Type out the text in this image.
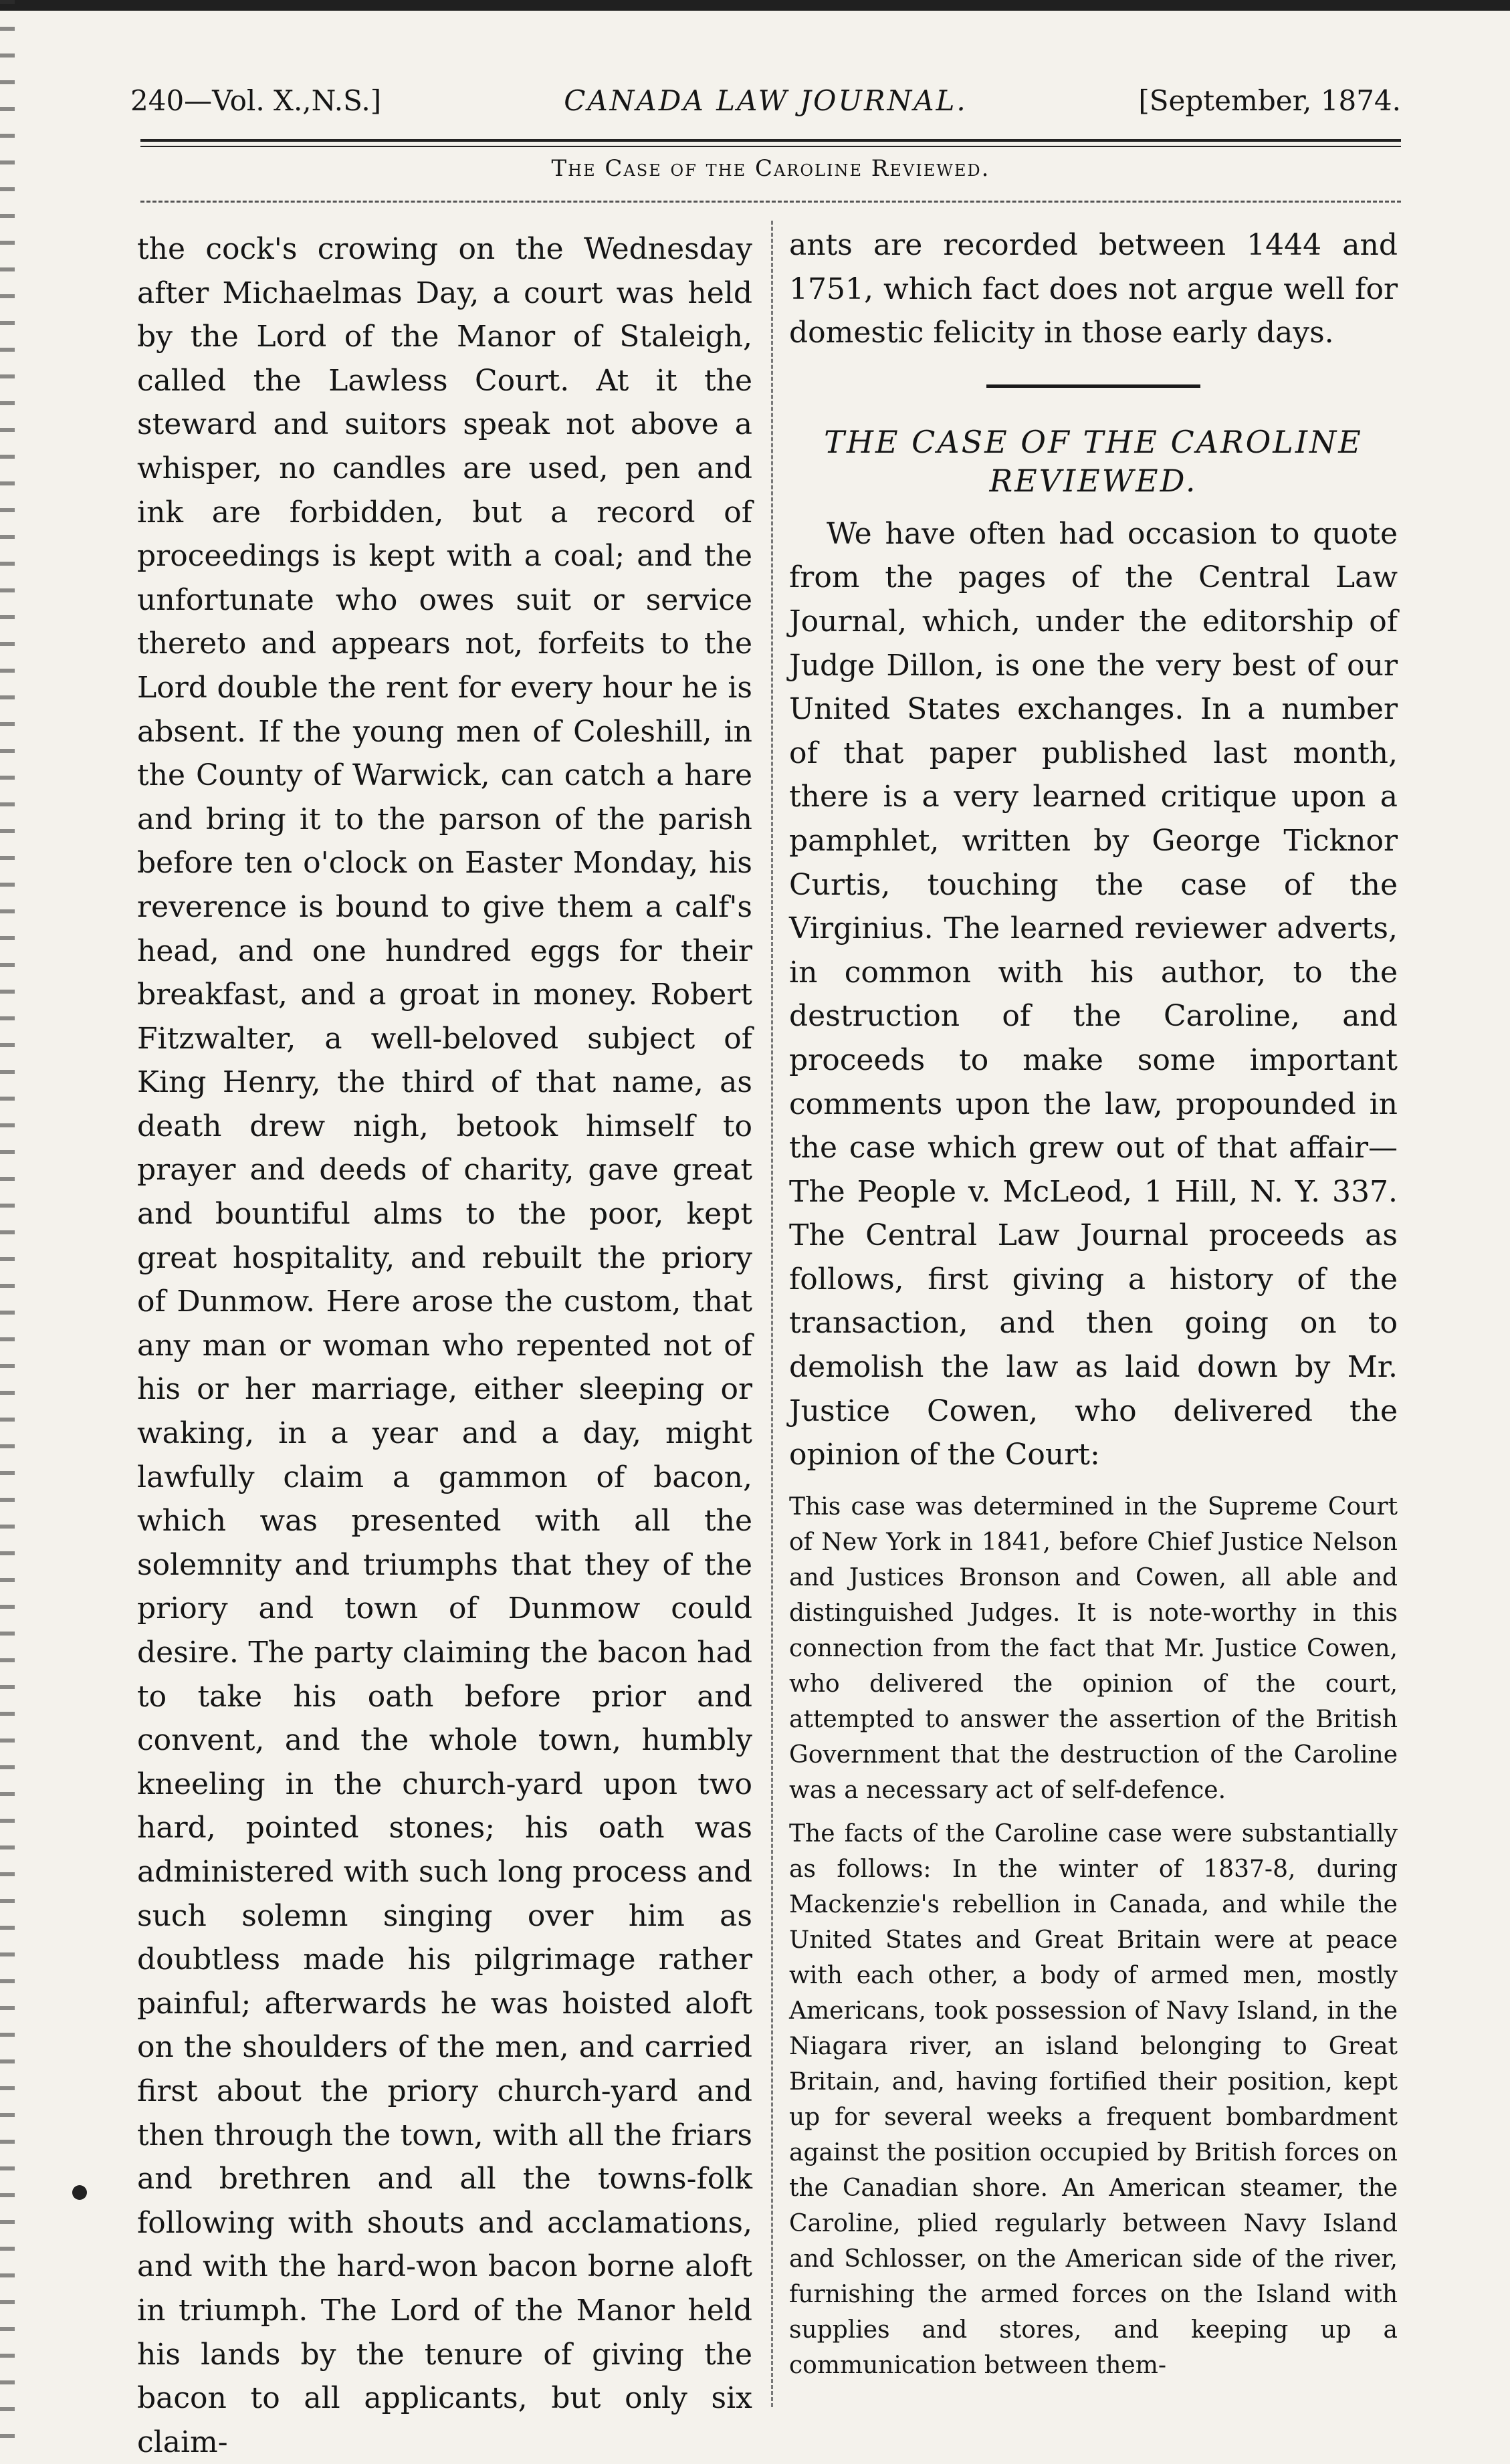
240—Vol. X.,N.S.]	CANADA LAW JOURNAL.	[September, 1874.
The Case of the Caroline Reviewed.

the cock's crowing on the Wednesday after Michaelmas Day, a court was held by the Lord of the Manor of Staleigh, called the Lawless Court. At it the steward and suitors speak not above a whisper, no candles are used, pen and ink are forbidden, but a record of proceedings is kept with a coal; and the unfortunate who owes suit or service thereto and appears not, forfeits to the Lord double the rent for every hour he is absent. If the young men of Coleshill, in the County of Warwick, can catch a hare and bring it to the parson of the parish before ten o'clock on Easter Monday, his reverence is bound to give them a calf's head, and one hundred eggs for their breakfast, and a groat in money. Robert Fitzwalter, a well-beloved subject of King Henry, the third of that name, as death drew nigh, betook himself to prayer and deeds of charity, gave great and bountiful alms to the poor, kept great hospitality, and rebuilt the priory of Dunmow. Here arose the custom, that any man or woman who repented not of his or her marriage, either sleeping or waking, in a year and a day, might lawfully claim a gammon of bacon, which was presented with all the solemnity and triumphs that they of the priory and town of Dunmow could desire. The party claiming the bacon had to take his oath before prior and convent, and the whole town, humbly kneeling in the church-yard upon two hard, pointed stones; his oath was administered with such long process and such solemn singing over him as doubtless made his pilgrimage rather painful; afterwards he was hoisted aloft on the shoulders of the men, and carried first about the priory church-yard and then through the town, with all the friars and brethren and all the towns-folk following with shouts and acclamations, and with the hard-won bacon borne aloft in triumph. The Lord of the Manor held his lands by the tenure of giving the bacon to all applicants, but only six claim-

ants are recorded between 1444 and 1751, which fact does not argue well for domestic felicity in those early days.

THE CASE OF THE CAROLINE
REVIEWED.

We have often had occasion to quote from the pages of the Central Law Journal, which, under the editorship of Judge Dillon, is one the very best of our United States exchanges. In a number of that paper published last month, there is a very learned critique upon a pamphlet, written by George Ticknor Curtis, touching the case of the Virginius. The learned reviewer adverts, in common with his author, to the destruction of the Caroline, and proceeds to make some important comments upon the law, propounded in the case which grew out of that affair—The People v. McLeod, 1 Hill, N. Y. 337. The Central Law Journal proceeds as follows, first giving a history of the transaction, and then going on to demolish the law as laid down by Mr. Justice Cowen, who delivered the opinion of the Court:

This case was determined in the Supreme Court of New York in 1841, before Chief Justice Nelson and Justices Bronson and Cowen, all able and distinguished Judges. It is note-worthy in this connection from the fact that Mr. Justice Cowen, who delivered the opinion of the court, attempted to answer the assertion of the British Government that the destruction of the Caroline was a necessary act of self-defence.

The facts of the Caroline case were substantially as follows: In the winter of 1837-8, during Mackenzie's rebellion in Canada, and while the United States and Great Britain were at peace with each other, a body of armed men, mostly Americans, took possession of Navy Island, in the Niagara river, an island belonging to Great Britain, and, having fortified their position, kept up for several weeks a frequent bombardment against the position occupied by British forces on the Canadian shore. An American steamer, the Caroline, plied regularly between Navy Island and Schlosser, on the American side of the river, furnishing the armed forces on the Island with supplies and stores, and keeping up a communication between them-
